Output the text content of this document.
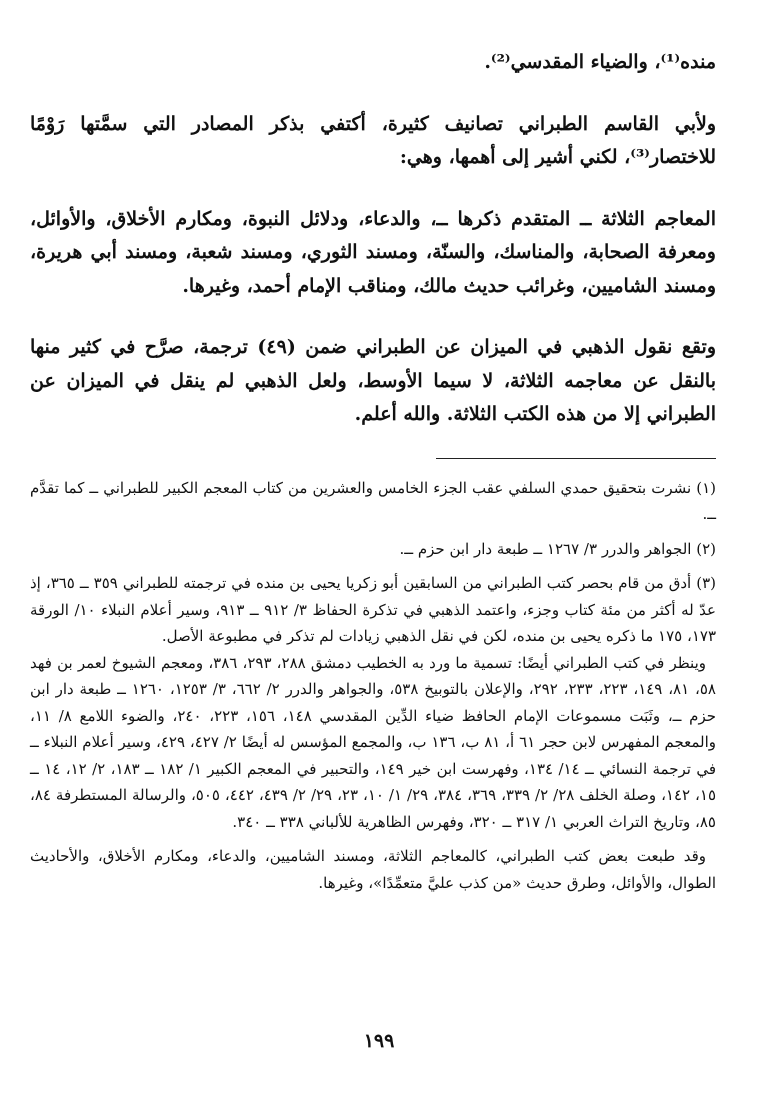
منده⁽¹⁾، والضياء المقدسي⁽²⁾.

ولأبي القاسم الطبراني تصانيف كثيرة، أكتفي بذكر المصادر التي سمَّتها رَوْمًا للاختصار⁽³⁾، لكني أشير إلى أهمها، وهي:

المعاجم الثلاثة ــ المتقدم ذكرها ــ، والدعاء، ودلائل النبوة، ومكارم الأخلاق، والأوائل، ومعرفة الصحابة، والمناسك، والسنّة، ومسند الثوري، ومسند شعبة، ومسند أبي هريرة، ومسند الشاميين، وغرائب حديث مالك، ومناقب الإمام أحمد، وغيرها.

وتقع نقول الذهبي في الميزان عن الطبراني ضمن (٤٩) ترجمة، صرَّح في كثير منها بالنقل عن معاجمه الثلاثة، لا سيما الأوسط، ولعل الذهبي لم ينقل في الميزان عن الطبراني إلا من هذه الكتب الثلاثة. والله أعلم.

(١) نشرت بتحقيق حمدي السلفي عقب الجزء الخامس والعشرين من كتاب المعجم الكبير للطبراني ــ كما تقدَّم ــ.

(٢) الجواهر والدرر ٣/ ١٢٦٧ ــ طبعة دار ابن حزم ــ.

(٣) أدق من قام بحصر كتب الطبراني من السابقين أبو زكريا يحيى بن منده في ترجمته للطبراني ٣٥٩ ــ ٣٦٥، إذ عدّ له أكثر من مئة كتاب وجزء، واعتمد الذهبي في تذكرة الحفاظ ٣/ ٩١٢ ــ ٩١٣، وسير أعلام النبلاء ١٠/ الورقة ١٧٣، ١٧٥ ما ذكره يحيى بن منده، لكن في نقل الذهبي زيادات لم تذكر في مطبوعة الأصل.

وينظر في كتب الطبراني أيضًا: تسمية ما ورد به الخطيب دمشق ٢٨٨، ٢٩٣، ٣٨٦، ومعجم الشيوخ لعمر بن فهد ٥٨، ٨١، ١٤٩، ٢٢٣، ٢٣٣، ٢٩٢، والإعلان بالتوبيخ ٥٣٨، والجواهر والدرر ٢/ ٦٦٢، ٣/ ١٢٥٣، ١٢٦٠ ــ طبعة دار ابن حزم ــ، وثَبَت مسموعات الإمام الحافظ ضياء الدِّين المقدسي ١٤٨، ١٥٦، ٢٢٣، ٢٤٠، والضوء اللامع ٨/ ١١، والمعجم المفهرس لابن حجر ٦١ أ، ٨١ ب، ١٣٦ ب، والمجمع المؤسس له أيضًا ٢/ ٤٢٧، ٤٢٩، وسير أعلام النبلاء ــ في ترجمة النسائي ــ ١٤/ ١٣٤، وفهرست ابن خير ١٤٩، والتحبير في المعجم الكبير ١/ ١٨٢ ــ ١٨٣، ٢/ ١٢، ١٤ ــ ١٥، ١٤٢، وصلة الخلف ٢٨/ ٢/ ٣٣٩، ٣٦٩، ٣٨٤، ٢٩/ ١/ ١٠، ٢٣، ٢٩/ ٢/ ٤٣٩، ٤٤٢، ٥٠٥، والرسالة المستطرفة ٨٤، ٨٥، وتاريخ التراث العربي ١/ ٣١٧ ــ ٣٢٠، وفهرس الظاهرية للألباني ٣٣٨ ــ ٣٤٠.

وقد طبعت بعض كتب الطبراني، كالمعاجم الثلاثة، ومسند الشاميين، والدعاء، ومكارم الأخلاق، والأحاديث الطوال، والأوائل، وطرق حديث «من كذب عليَّ متعمِّدًا»، وغيرها.

١٩٩
